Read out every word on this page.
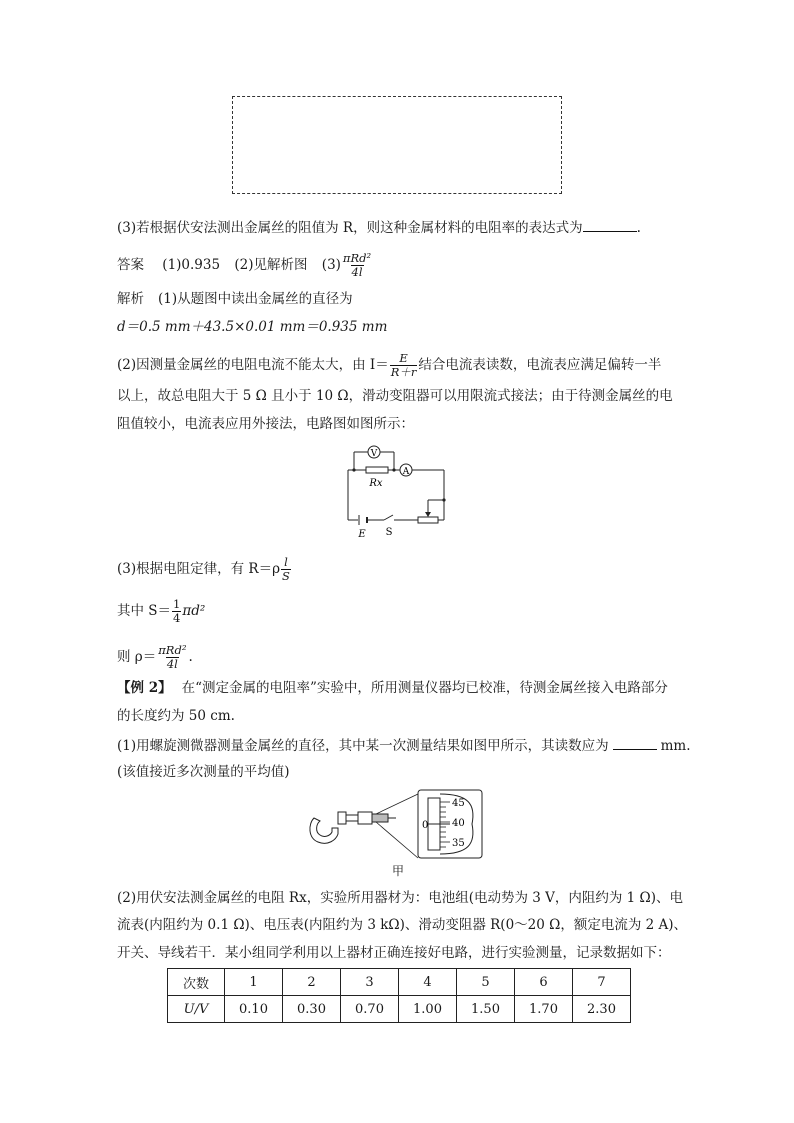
(3)若根据伏安法测出金属丝的阻值为 R，则这种金属材料的电阻率的表达式为	.
答案 (1)0.935 (2)见解析图 $(3) \frac{\text{πRd²}}{4l}$
解析 (1)从题图中读出金属丝的直径为
d＝0.5 mm＋43.5×0.01 mm＝0.935 mm
(2)因测量金属丝的电阻电流不能太大，由 $I= \frac{E}{R+r}$ 结合电流表读数，电流表应满足偏转一半
以上，故总电阻大于 5 Ω 且小于 10 Ω，滑动变阻器可以用限流式接法；由于待测金属丝的电
阻值较小，电流表应用外接法，电路图如图所示：
V
A
Rx
E S
(3)根据电阻定律，有 $R=\rho \frac{l}{S}$
其中 $S= \frac{1}{4} \pi d^2$
则 $\rho= \frac{\text{πRd²}}{4l}$ .
【例 2】 在“测定金属的电阻率”实验中，所用测量仪器均已校准，待测金属丝接入电路部分
的长度约为 50 cm.
(1)用螺旋测微器测量金属丝的直径，其中某一次测量结果如图甲所示，其读数应为	mm.
(该值接近多次测量的平均值)
45
40
35
0
甲
(2)用伏安法测金属丝的电阻 Rx，实验所用器材为：电池组(电动势为 3 V，内阻约为 1 Ω)、电
流表(内阻约为 0.1 Ω)、电压表(内阻约为 3 kΩ)、滑动变阻器 R(0～20 Ω，额定电流为 2 A)、
开关、导线若干．某小组同学利用以上器材正确连接好电路，进行实验测量，记录数据如下：
次数	1	2	3	4	5	6	7
U/V	0.10	0.30	0.70	1.00	1.50	1.70	2.30
